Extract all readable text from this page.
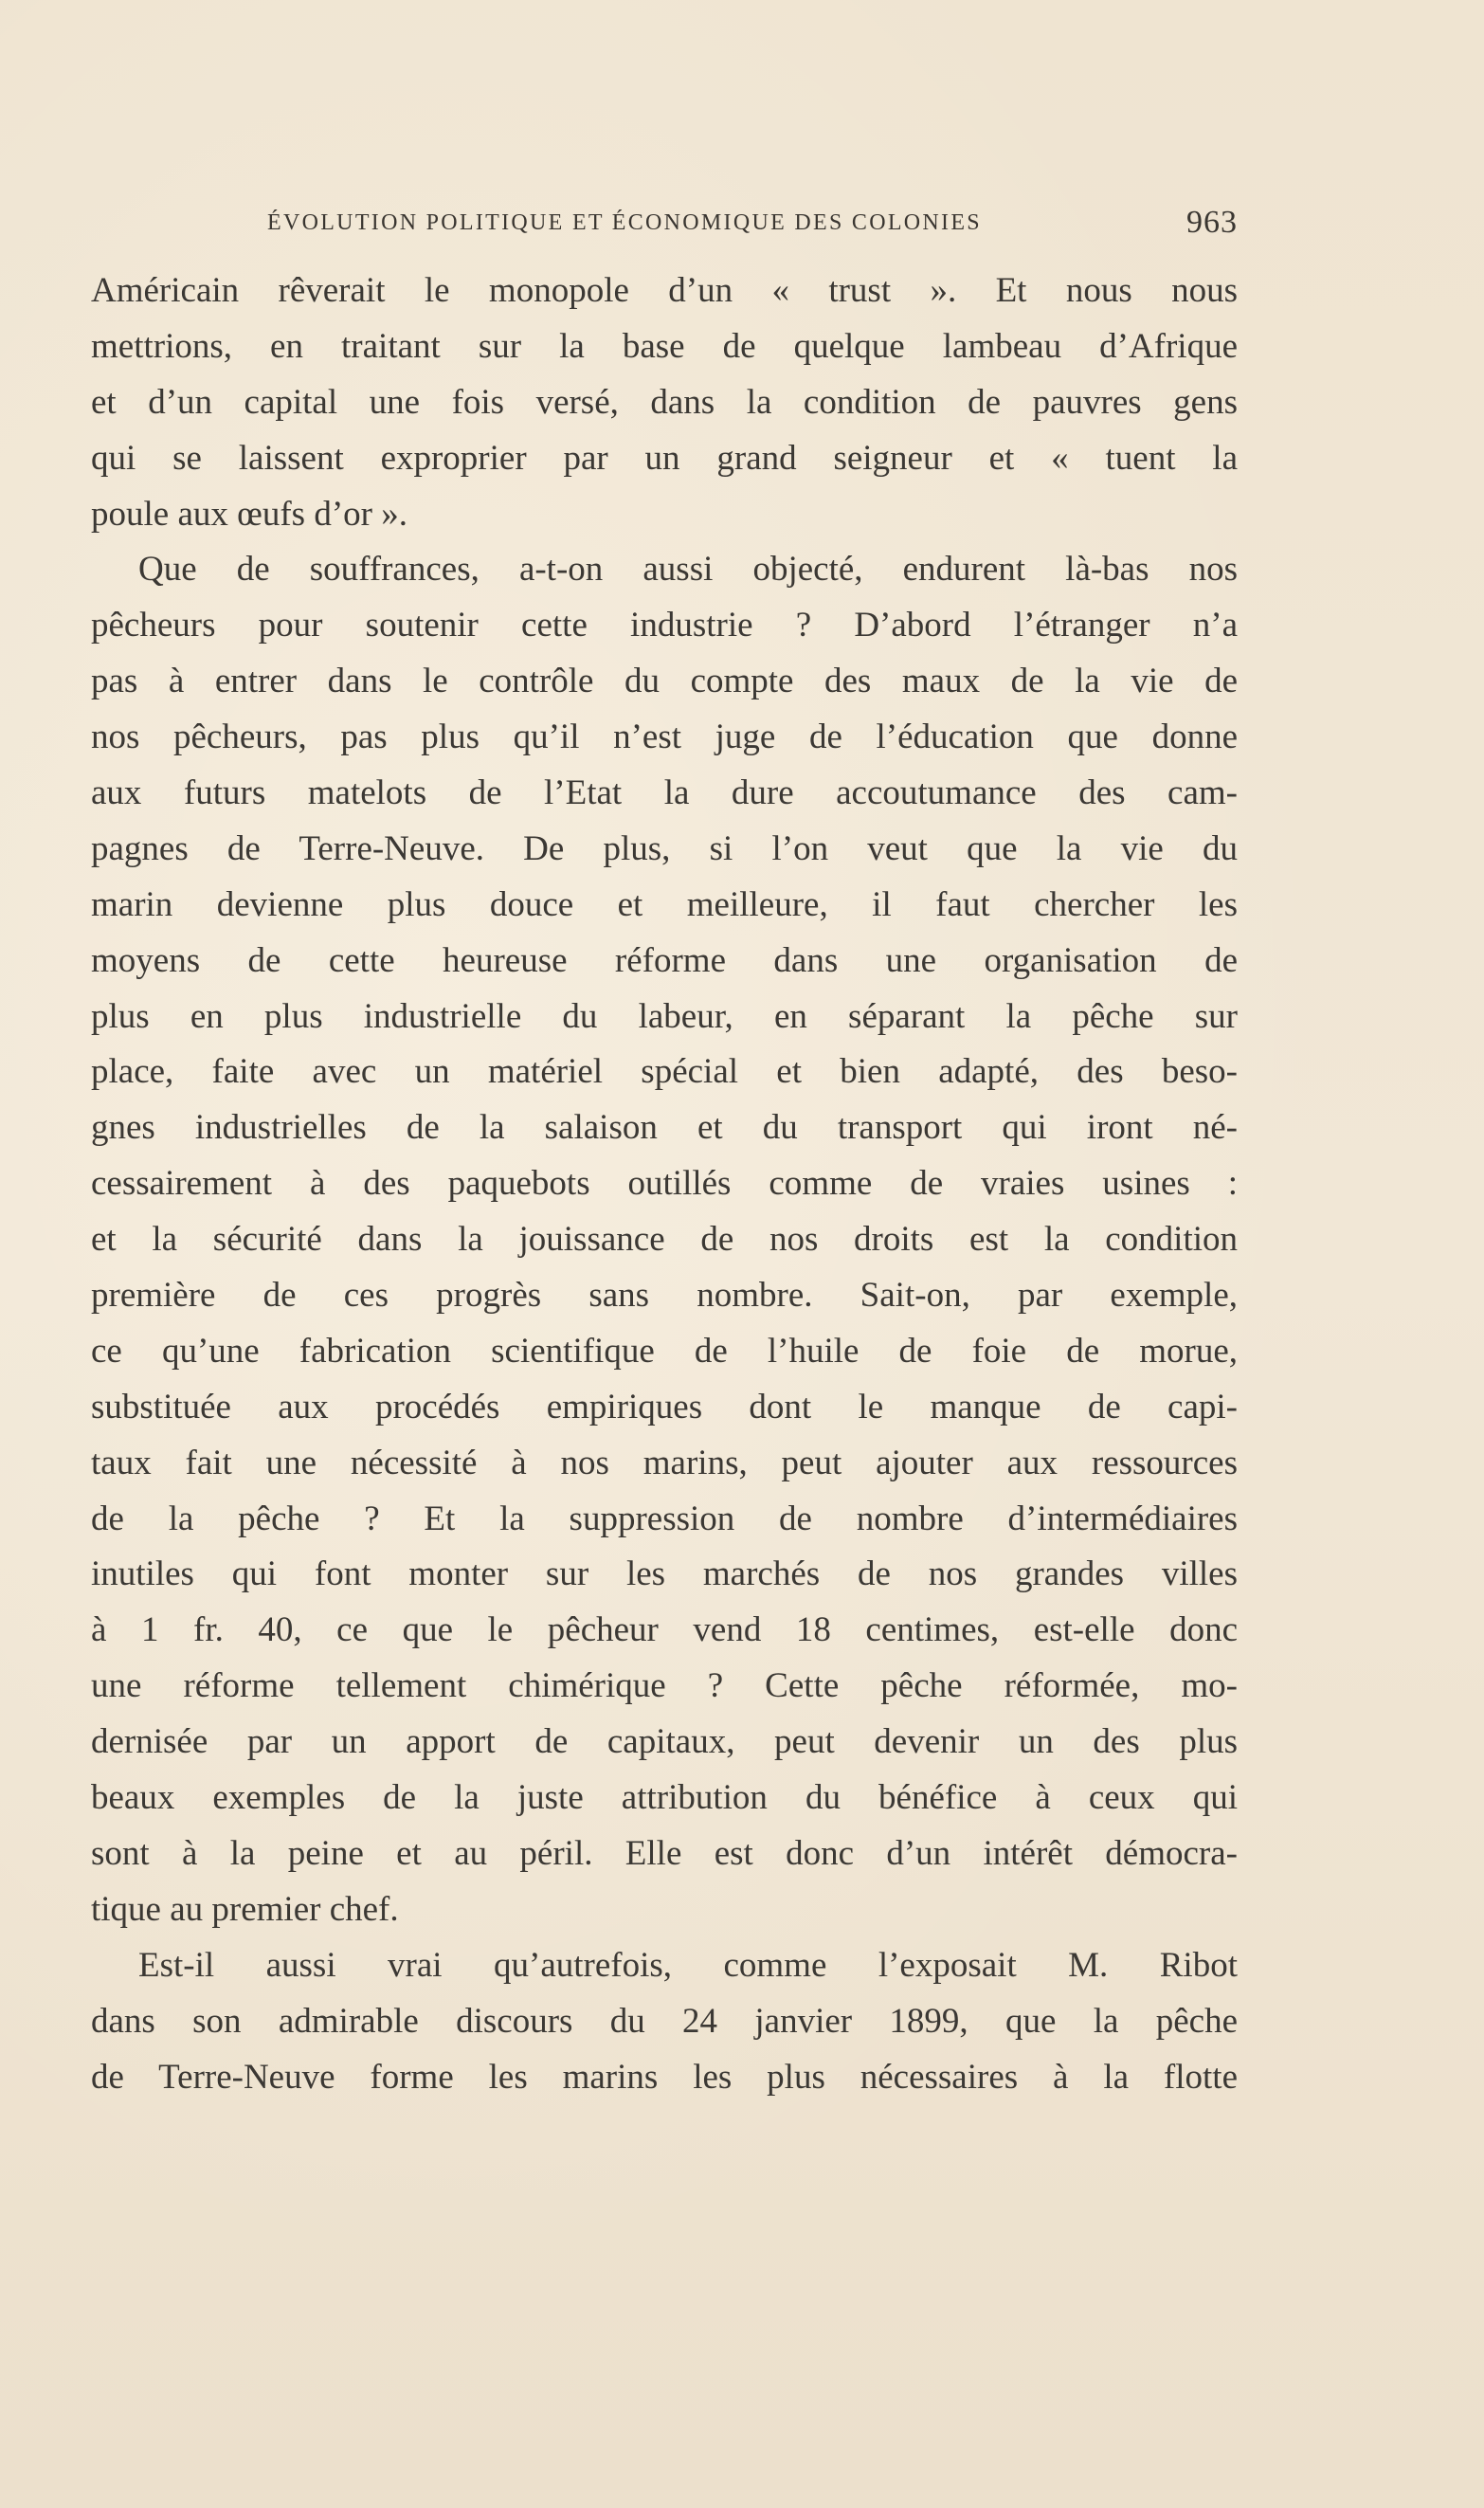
ÉVOLUTION POLITIQUE ET ÉCONOMIQUE DES COLONIES	963
Américain rêverait le monopole d’un « trust ». Et nous nous
mettrions, en traitant sur la base de quelque lambeau d’Afrique
et d’un capital une fois versé, dans la condition de pauvres gens
qui se laissent exproprier par un grand seigneur et « tuent la
poule aux œufs d’or ».
Que de souffrances, a-t-on aussi objecté, endurent là-bas nos
pêcheurs pour soutenir cette industrie ? D’abord l’étranger n’a
pas à entrer dans le contrôle du compte des maux de la vie de
nos pêcheurs, pas plus qu’il n’est juge de l’éducation que donne
aux futurs matelots de l’Etat la dure accoutumance des cam-
pagnes de Terre-Neuve. De plus, si l’on veut que la vie du
marin devienne plus douce et meilleure, il faut chercher les
moyens de cette heureuse réforme dans une organisation de
plus en plus industrielle du labeur, en séparant la pêche sur
place, faite avec un matériel spécial et bien adapté, des beso-
gnes industrielles de la salaison et du transport qui iront né-
cessairement à des paquebots outillés comme de vraies usines :
et la sécurité dans la jouissance de nos droits est la condition
première de ces progrès sans nombre. Sait-on, par exemple,
ce qu’une fabrication scientifique de l’huile de foie de morue,
substituée aux procédés empiriques dont le manque de capi-
taux fait une nécessité à nos marins, peut ajouter aux ressources
de la pêche ? Et la suppression de nombre d’intermédiaires
inutiles qui font monter sur les marchés de nos grandes villes
à 1 fr. 40, ce que le pêcheur vend 18 centimes, est-elle donc
une réforme tellement chimérique ? Cette pêche réformée, mo-
dernisée par un apport de capitaux, peut devenir un des plus
beaux exemples de la juste attribution du bénéfice à ceux qui
sont à la peine et au péril. Elle est donc d’un intérêt démocra-
tique au premier chef.
Est-il aussi vrai qu’autrefois, comme l’exposait M. Ribot
dans son admirable discours du 24 janvier 1899, que la pêche
de Terre-Neuve forme les marins les plus nécessaires à la flotte
